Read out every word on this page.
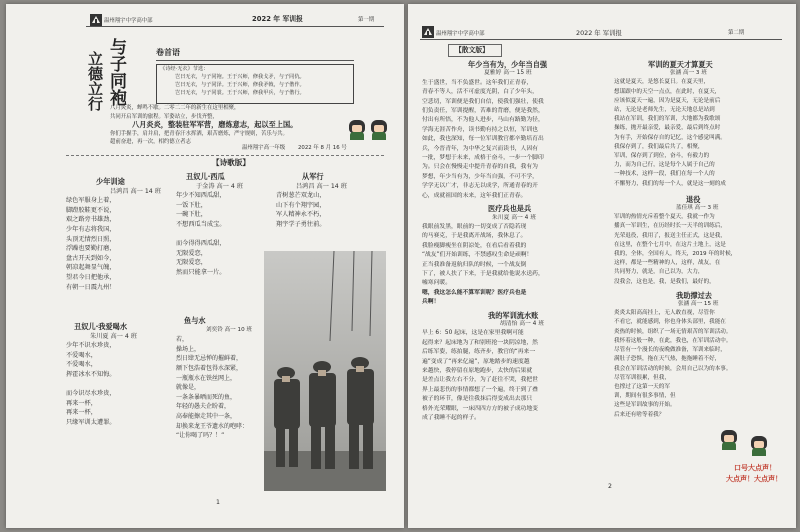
温州翔宇中学高中部	2022 年 军训报	第一期
与
子
同
袍
立
德
立
行
卷首语
《诗经·无衣》节选：
岂曰无衣，与子同袍。王于兴师，修我戈矛，与子同仇。
岂曰无衣，与子同泽。王于兴师，修我矛戟，与子偕作。
岂曰无衣，与子同裳。王于兴师，修我甲兵，与子偕行。
八月炎炎，蝉鸣不歇。二零二二年的新生在这里相聚，
共同开启军训的旅程。军姿站立，步伐齐整，
八月炎炎，整装驻军军营，磨炼意志，起以至上国。
你们手握手，肩并肩，把青春汗水挥洒，艰苦磨炼，严守规则，苦乐与共。
超前奋进，再一次，相约德立者志
温州翔宇高一年级 2022 年 8 月 16 号
【诗歌版】
少年训途
吕鸿昌 高一 14 班
绿色军服身上着，
脚蹬胶鞋更不说，
艰之路旁书雄劲，
少年有志将我国，
头顶无情烈日照，
浮躁也要勤打磨，
盘古开天到如今，
朝凉起舞显气魄，
望君今日把他承，
有朝一日震九州！
丑奴儿·我爱喝水
朱川夏 高一 4 班
少年不识水珍贵，
不爱喝水，
不爱喝水，
挥霍冰水不知悔。
而今识尽水珍贵，
再来一杯，
再来一杯，
只缘军训太遭罪。
丑奴儿·西瓜
于金涛 高一 4 班
年少不知西瓜甜，
一饭下肚，
一碗下肚，
不想西瓜当成宝。
而今得得西瓜甜，
无限爱恋，
无限爱恋，
然而只能拿一片。
从军行
吕鸿昌 高一 14 班
青树葱芒双龙山，
山下有个翔宇园，
军人精神永不朽，
翔宇学子勇往前。
鱼与水
刘奕铃 高一 10 班
若，
操场上，
烈日肆无忌惮的摧鲜着，
额下包浩着包得水深紧，
一瓶瓶水在铁丝网上，
就像是，
一条条暴晒而死的鱼，
年轻的愚夫企盼着，
高奉能擦走其中一条，
却换来龙王爷遗水的咆哮：
“让你喝了吗？！”
1
温州翔宇中学高中部	2022 年 军训报	第二期
【散文版】
年少当有为，少年当自强
夏雅婷 高一 15 班
生于盛世，当不负盛世。这年我们正青春，
青春不等人，活不可虚度光阴，白了少年头，
空悲切，军训便是我们自信，使我们强壮，使我
们负责任，军训提醒，苦难的背磨，便是我然，
付出有所悟，不为他人进步，马山有路勤为径，
学海无涯苦作舟，读书勤有持之以恒，军训也
如此，我也深知，每一位军训教官都辛勤培育出
兵，今晋青年，为中华之复兴而读书，人因有
一批，梦想于未来，成格于奋斗，一步一个脚印
为。只会在慢慢走中提升青春的自我，我有为
梦想，年少当有为，少年当自强，不可不学，
学学无以广才，非志无以成学，所通青春的开
心，成就祖国的未来，这年我们正青春。
医疗兵也是兵
朱川夏 高一 4 班
我眼前发黑，眼前的一切变成了否隐若现
的马赛克，于是我离开战场，我休息了。
我脸瘦脚瘦坐在阴凉处，在看后看着我的
“战友”们开始训练，不禁感叹生命是顽啊！
正当我准备返航归队的时候，一个战友倒
下了，被人扶了下来，于是我就给他说水送药，
嘘寒问暖。
嗯，我这怎么能不算军训呢？医疗兵也是
兵啊！
我的军训流水账
胡清怡 高一 4 班
早上 6：50 起床，这是在家里我啊可能
起得来？起床地为了和别班抢一块阴凉地，然
后练军姿，练拍腿，练齐步，教官的“再来一
遍”变成了“再来亿遍”，原地踏步的速度越
来越快，我停留在原地跑步，太快的后果就
是差点让我左右不分，为了赶往不哭，我把世
界上最悲伤的事情都想了一个遍，终于到了叠
被子的环节，像是往我抹后得变成出去那只
格外光荣耀眼，一床四四方方的被子成功地变
成了我睡不起的样子。
军训的夏天才算夏天
张涵 高一 3 班
这就是夏天，是悠长夏日。在夏天里，
想谋跟中的天空一点点，在此时，在夏天，
应该似夏天一遍，因为是夏天，无论是前后
站，无论是老师先生，无论天地总是站到
我站在军训，我们的军训，大地都为我歌颂
操练，抛开最亲爱，最亲爱，最后到终点时
为有手，开始保存自的记忆，这个感觉叫满。
我保存到了，我们最后共了，相聚，
军训，保存到了到位，奋斗，有毅力的
力，而为自己行，这是每个人属于自己的
一种技术，这样一段，我们在每一个人的
不懈努力，我们的每一个人，就是这一刻的成
退役
蓝佳琪 高一 3 班
军训的热情充斥着整个夏天，我就一作为
播真一军训生，在历经时长一天半的训练后，
光荣退役，我用了，报送主任正式，这是我，
在这里，在整个七月中，在这片土地上，这是
我的，全体，全国有人，终天，2019 年的时候，
这样，都是一些精神的人，这样，战友，在
共同努力，就是，自己以为，大力，
没我会，这也是，我，是我们，最好的，
我助撑过去
张涵 高一 15 班
炎炎太阳高高挂上，无人敢直视，尽管你
不看它，就能感到，你也身体头部里，我能在
炎热的时候，组织了一场无情艰苦的军训活动。
我怀着这般一种，在此，我也，在军训活动中。
尽管有一个漫长的夜晚做准备，军训来临时，
满肚子恐惧，拖在天气热，拖拖睡着不好，
我会在军训活动的时候，会用自己以为的本事。
尽管军训很累，但我，
也撑过了这第一天的军
训，期间有很多事情，但
这些是军训故事的开始。
后来还有啥等着我？
口号大点声！
大点声！大点声！
2
